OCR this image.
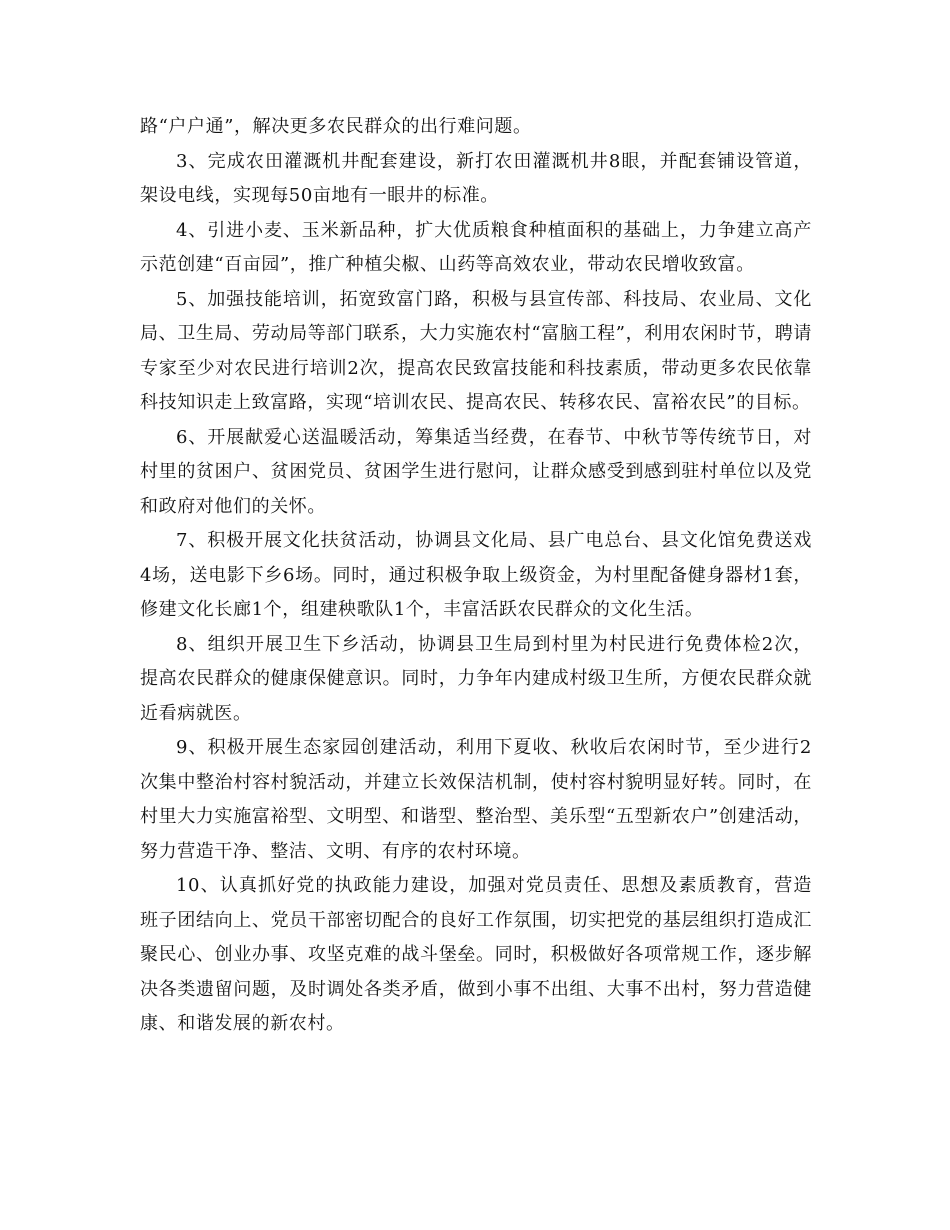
路“户户通”，解决更多农民群众的出行难问题。

3、完成农田灌溉机井配套建设，新打农田灌溉机井8眼，并配套铺设管道，架设电线，实现每50亩地有一眼井的标准。

4、引进小麦、玉米新品种，扩大优质粮食种植面积的基础上，力争建立高产示范创建“百亩园”，推广种植尖椒、山药等高效农业，带动农民增收致富。

5、加强技能培训，拓宽致富门路，积极与县宣传部、科技局、农业局、文化局、卫生局、劳动局等部门联系，大力实施农村“富脑工程”，利用农闲时节，聘请专家至少对农民进行培训2次，提高农民致富技能和科技素质，带动更多农民依靠科技知识走上致富路，实现“培训农民、提高农民、转移农民、富裕农民”的目标。

6、开展献爱心送温暖活动，筹集适当经费，在春节、中秋节等传统节日，对村里的贫困户、贫困党员、贫困学生进行慰问，让群众感受到感到驻村单位以及党和政府对他们的关怀。

7、积极开展文化扶贫活动，协调县文化局、县广电总台、县文化馆免费送戏4场，送电影下乡6场。同时，通过积极争取上级资金，为村里配备健身器材1套，修建文化长廊1个，组建秧歌队1个，丰富活跃农民群众的文化生活。

8、组织开展卫生下乡活动，协调县卫生局到村里为村民进行免费体检2次，提高农民群众的健康保健意识。同时，力争年内建成村级卫生所，方便农民群众就近看病就医。

9、积极开展生态家园创建活动，利用下夏收、秋收后农闲时节，至少进行2次集中整治村容村貌活动，并建立长效保洁机制，使村容村貌明显好转。同时，在村里大力实施富裕型、文明型、和谐型、整治型、美乐型“五型新农户”创建活动，努力营造干净、整洁、文明、有序的农村环境。

10、认真抓好党的执政能力建设，加强对党员责任、思想及素质教育，营造班子团结向上、党员干部密切配合的良好工作氛围，切实把党的基层组织打造成汇聚民心、创业办事、攻坚克难的战斗堡垒。同时，积极做好各项常规工作，逐步解决各类遗留问题，及时调处各类矛盾，做到小事不出组、大事不出村，努力营造健康、和谐发展的新农村。
